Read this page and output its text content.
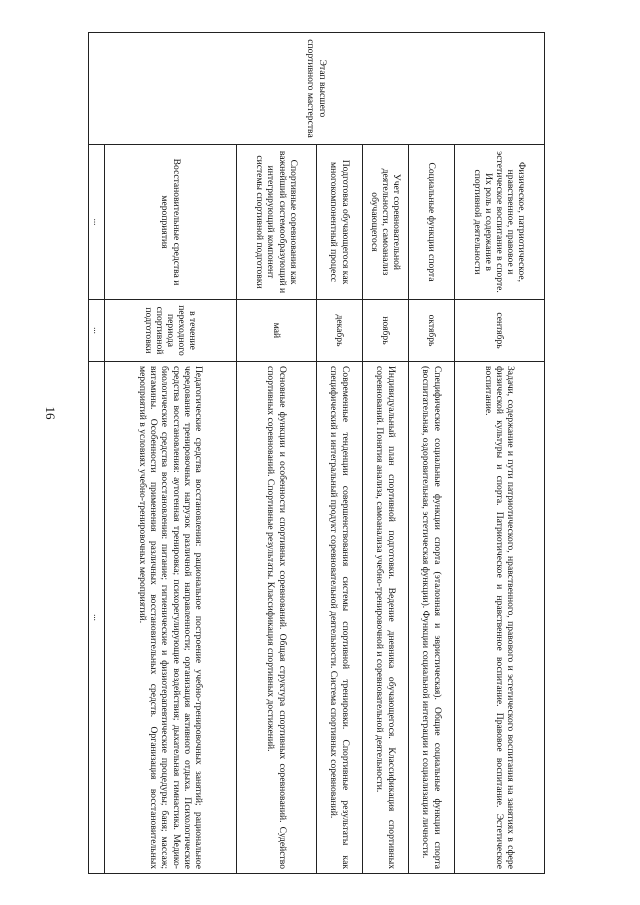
16
Этап высшего спортивного мастерства	Физическое, патриотическое, нравственное, правовое и эстетическое воспитание в спорте. Их роль и содержание в спортивной деятельности	сентябрь	Задачи, содержание и пути патриотического, нравственного, правового и эстетического воспитания на занятиях в сфере физической культуры и спорта. Патриотическое и нравственное воспитание. Правовое воспитание. Эстетическое воспитание.
	Социальные функции спорта	октябрь	Специфические социальные функции спорта (эталонная и эвристическая). Общие социальные функции спорта (воспитательная, оздоровительная, эстетическая функции). Функции социальной интеграции и социализации личности.
	Учет соревновательной деятельности, самоанализ обучающегося	ноябрь	Индивидуальный план спортивной подготовки. Ведение дневника обучающегося. Классификация спортивных соревнований. Понятия анализа, самоанализа учебно-тренировочной и соревновательной деятельности.
	Подготовка обучающегося как многокомпонентный процесс	декабрь	Современные тенденции совершенствования системы спортивной тренировки. Спортивные результаты как специфический и интегральный продукт соревновательной деятельности. Система спортивных соревнований.
	Спортивные соревнования как важнейший системообразующий и интегрирующий компонент системы спортивной подготовки	май	Основные функции и особенности спортивных соревнований. Общая структура спортивных соревнований. Судейство спортивных соревнований. Спортивные результаты. Классификация спортивных достижений.
	Восстановительные средства и мероприятия	в течение переходного периода спортивной подготовки	Педагогические средства восстановления: рациональное построение учебно-тренировочных занятий; рациональное чередование тренировочных нагрузок различной направленности; организация активного отдыха. Психологические средства восстановления: аутогенная тренировка; психорегулирующие воздействия; дыхательная гимнастика. Медико-биологические средства восстановления: питание; гигиенические и физиотерапевтические процедуры; баня; массаж; витамины. Особенности применения различных восстановительных средств. Организация восстановительных мероприятий в условиях учебно-тренировочных мероприятий.
	...	...	...
